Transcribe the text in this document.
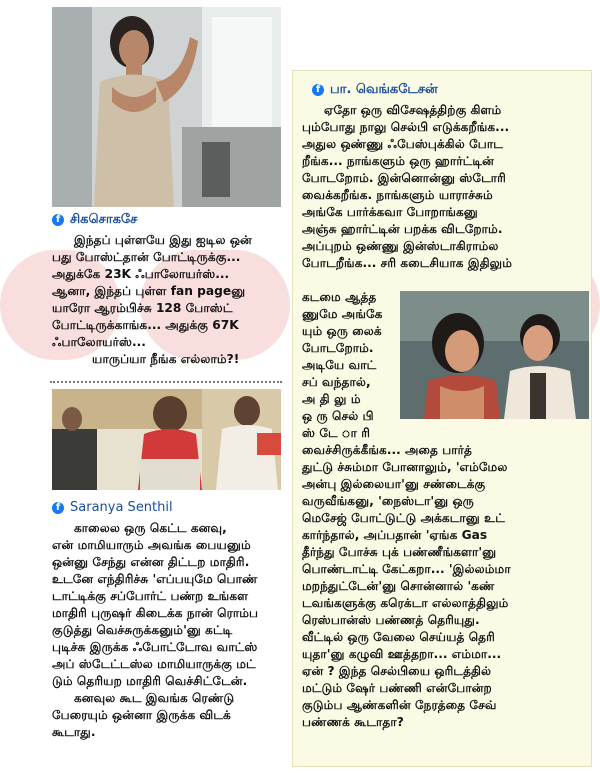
f சிகசொகசே

இந்தப் புள்ளயே இது ஐடில ஒன்

பது போஸ்ட்தான் போட்டிருக்கு...

அதுக்கே 23K ஃபாலோயர்ஸ்...

ஆனா, இந்தப் புள்ள fan pageனு

யாரோ ஆரம்பிச்சு 128 போஸ்ட்

போட்டிருக்காங்க... அதுக்கு 67K

ஃபாலோயர்ஸ்...

யாருப்யா நீங்க எல்லாம்?!

f Saranya Senthil

காலைல ஒரு கெட்ட கனவு,

என் மாமியாரும் அவங்க பையனும்

ஒன்னு சேந்து என்ன திட்டற மாதிரி.

உடனே எந்திரிச்சு 'எப்பயுமே பொண்

டாட்டிக்கு சப்போர்ட் பண்ற உங்கள

மாதிரி புருஷர் கிடைக்க நான் ரொம்ப

குடுத்து வெச்சுருக்கனும்'னு கட்டி

புடிச்சு இருக்க ஃபோட்டோவ வாட்ஸ்

அப் ஸ்டேட்டஸ்ல மாமியாருக்கு மட்

டும் தெரியற மாதிரி வெச்சிட்டேன்.

கனவுல கூட இவங்க ரெண்டு

பேரையும் ஒன்னா இருக்க விடக்

கூடாது.

f பா. வெங்கடேசன்

ஏதோ ஒரு விசேஷத்திற்கு கிளம்

பும்போது நாலு செல்பி எடுக்கறீங்க...

அதுல ஒண்ணு ஃபேஸ்புக்கில் போட

றீங்க... நாங்களும் ஒரு ஹார்ட்டின்

போடறோம். இன்னொன்னு ஸ்டோரி

வைக்கறீங்க. நாங்களும் யாராச்சும்

அங்கே பார்க்கவா போறாங்கனு

அஞ்சு ஹார்ட்டின் பறக்க விடறோம்.

அப்புறம் ஒண்ணு இன்ஸ்டாகிராம்ல

போடறீங்க... சரி கடைசியாக இதிலும்

கடமை ஆத்த

ணுமே அங்கே

யும் ஒரு லைக்

போடறோம்.

அடியே வாட்

சப் வந்தால்,

அ தி லு ம்

ஒ ரு செல் பி

ஸ் டே ா ரி

வைச்சிருக்கீங்க... அதை பார்த்

துட்டு ச்சும்மா போனாலும், 'எம்மேல

அன்பு இல்லையா'னு சண்டைக்கு

வருவீங்கனு, 'நைஸ்டா'னு ஒரு

மெசேஜ் போட்டுட்டு அக்கடானு உட்

கார்ந்தால், அப்பதான் 'ஏங்க Gas

தீர்ந்து போச்சு புக் பண்ணீங்களா'னு

பொண்டாட்டி கேட்கறா... 'இல்லம்மா

மறந்துட்டேன்'னு சொன்னால் 'கண்

டவங்களுக்கு கரெக்டா எல்லாத்திலும்

ரெஸ்பான்ஸ் பண்ணத் தெரியுது.

வீட்டில் ஒரு வேலை செய்யத் தெரி

யுதா'னு கழுவி ஊத்தறா... எம்மா...

ஏன் ? இந்த செல்பியை ஒரிடத்தில்

மட்டும் ஷேர் பண்ணி என்போன்ற

குடும்ப ஆண்களின் நேரத்தை சேவ்

பண்ணக் கூடாதா?
